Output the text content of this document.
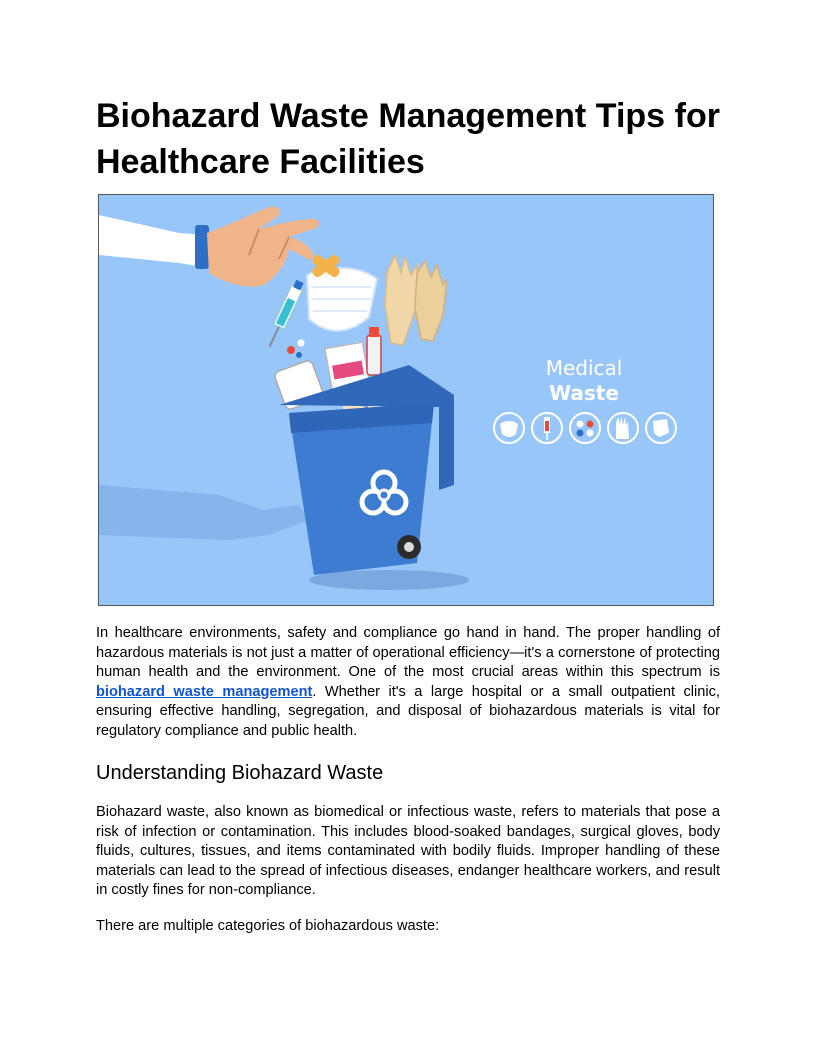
Biohazard Waste Management Tips for Healthcare Facilities
Medical
Waste

In healthcare environments, safety and compliance go hand in hand. The proper handling of hazardous materials is not just a matter of operational efficiency—it's a cornerstone of protecting human health and the environment. One of the most crucial areas within this spectrum is biohazard waste management. Whether it's a large hospital or a small outpatient clinic, ensuring effective handling, segregation, and disposal of biohazardous materials is vital for regulatory compliance and public health.

Understanding Biohazard Waste

Biohazard waste, also known as biomedical or infectious waste, refers to materials that pose a risk of infection or contamination. This includes blood-soaked bandages, surgical gloves, body fluids, cultures, tissues, and items contaminated with bodily fluids. Improper handling of these materials can lead to the spread of infectious diseases, endanger healthcare workers, and result in costly fines for non-compliance.

There are multiple categories of biohazardous waste:
